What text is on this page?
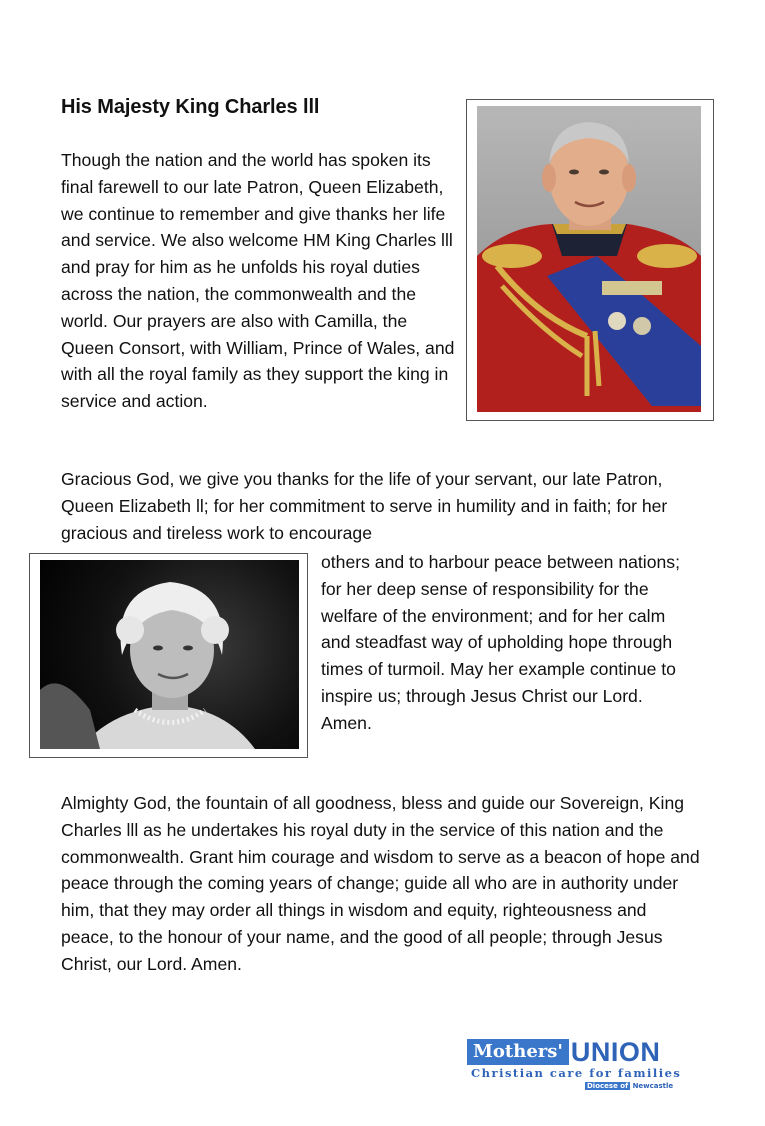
His Majesty King Charles lll

Though the nation and the world has spoken its final farewell to our late Patron, Queen Elizabeth, we continue to remember and give thanks her life and service. We also welcome HM King Charles lll and pray for him as he unfolds his royal duties across the nation, the commonwealth and the world. Our prayers are also with Camilla, the Queen Consort, with William, Prince of Wales, and with all the royal family as they support the king in service and action.

Gracious God, we give you thanks for the life of your servant, our late Patron, Queen Elizabeth ll; for her commitment to serve in humility and in faith; for her gracious and tireless work to encourage

others and to harbour peace between nations; for her deep sense of responsibility for the welfare of the environment; and for her calm and steadfast way of upholding hope through times of turmoil. May her example continue to inspire us; through Jesus Christ our Lord. Amen.

Almighty God, the fountain of all goodness, bless and guide our Sovereign, King Charles lll as he undertakes his royal duty in the service of this nation and the commonwealth. Grant him courage and wisdom to serve as a beacon of hope and peace through the coming years of change; guide all who are in authority under him, that they may order all things in wisdom and equity, righteousness and peace, to the honour of your name, and the good of all people; through Jesus Christ, our Lord. Amen.

Mothers' UNION
Christian care for families
Diocese of Newcastle
